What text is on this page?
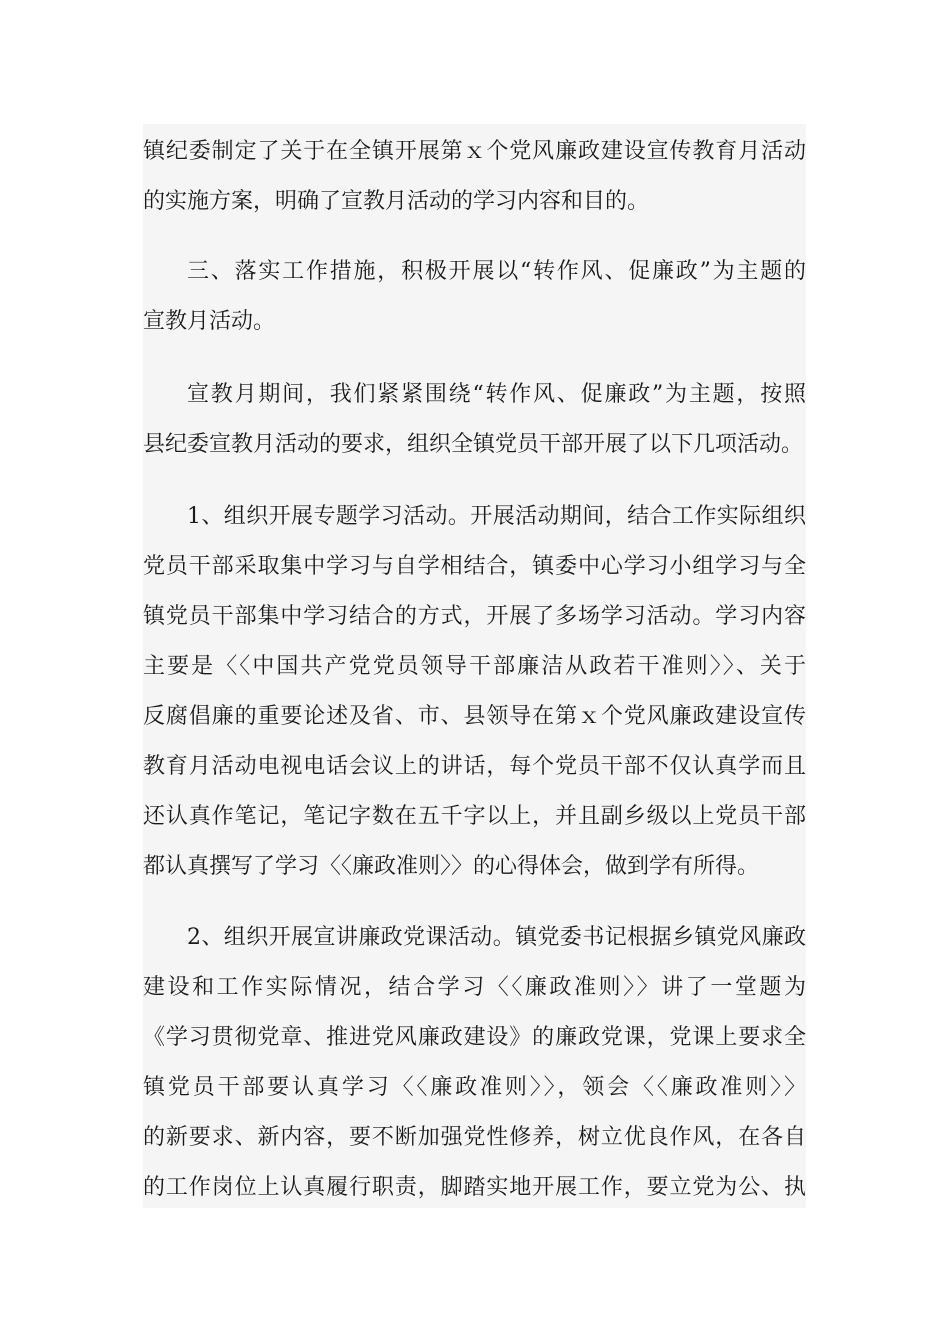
镇纪委制定了关于在全镇开展第ｘ个党风廉政建设宣传教育月活动
的实施方案，明确了宣教月活动的学习内容和目的。
三、落实工作措施，积极开展以“转作风、促廉政”为主题的
宣教月活动。
宣教月期间，我们紧紧围绕“转作风、促廉政”为主题，按照
县纪委宣教月活动的要求，组织全镇党员干部开展了以下几项活动。
1、组织开展专题学习活动。开展活动期间，结合工作实际组织
党员干部采取集中学习与自学相结合，镇委中心学习小组学习与全
镇党员干部集中学习结合的方式，开展了多场学习活动。学习内容
主要是〈〈中国共产党党员领导干部廉洁从政若干准则〉〉、关于
反腐倡廉的重要论述及省、市、县领导在第ｘ个党风廉政建设宣传
教育月活动电视电话会议上的讲话，每个党员干部不仅认真学而且
还认真作笔记，笔记字数在五千字以上，并且副乡级以上党员干部
都认真撰写了学习〈〈廉政准则〉〉的心得体会，做到学有所得。
2、组织开展宣讲廉政党课活动。镇党委书记根据乡镇党风廉政
建设和工作实际情况，结合学习〈〈廉政准则〉〉讲了一堂题为
《学习贯彻党章、推进党风廉政建设》的廉政党课，党课上要求全
镇党员干部要认真学习〈〈廉政准则〉〉，领会〈〈廉政准则〉〉
的新要求、新内容，要不断加强党性修养，树立优良作风，在各自
的工作岗位上认真履行职责，脚踏实地开展工作，要立党为公、执
